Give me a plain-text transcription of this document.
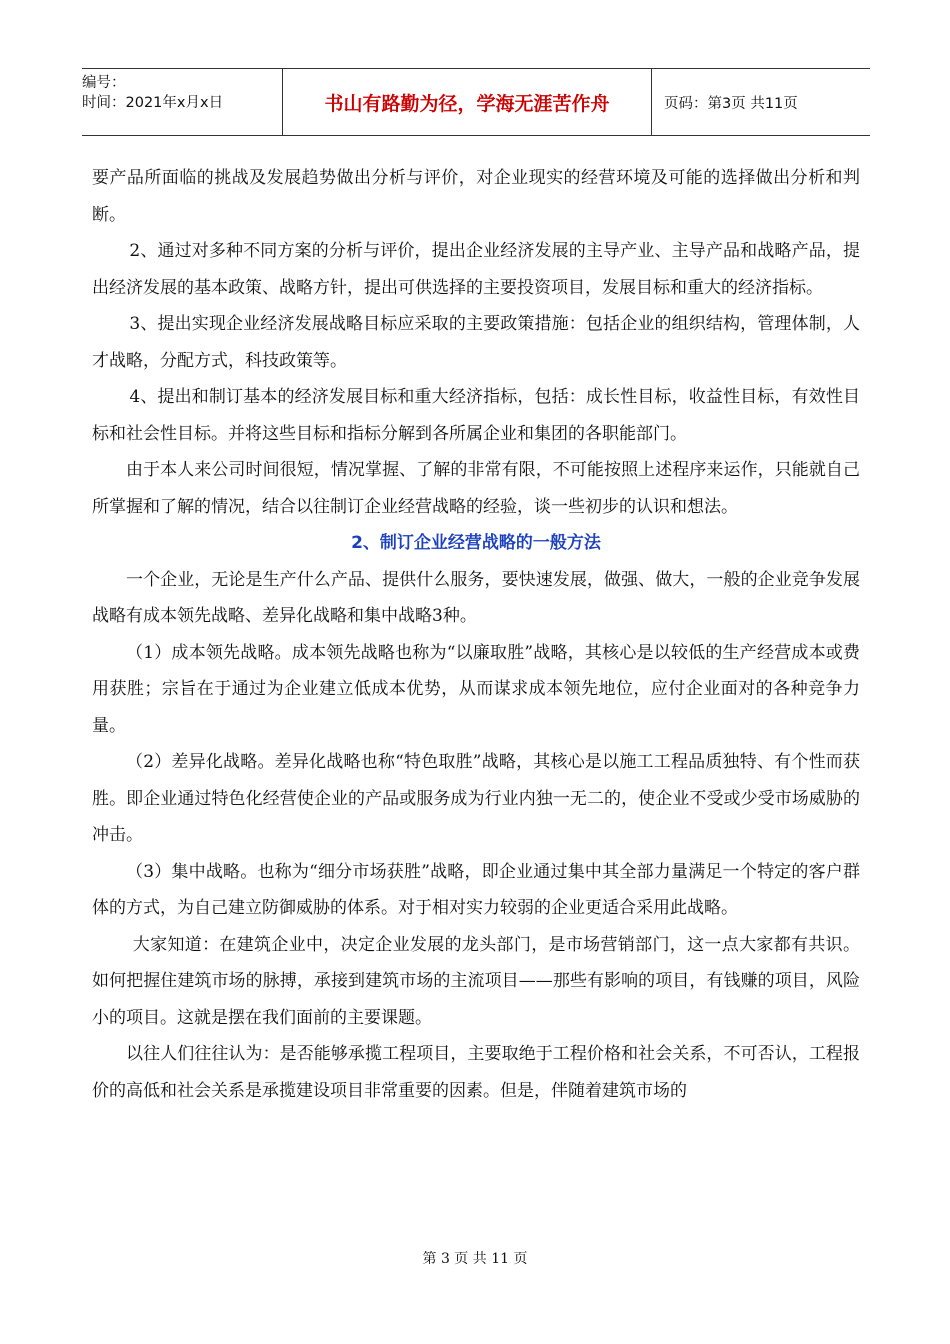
编号：
时间：2021年x月x日	书山有路勤为径，学海无涯苦作舟	页码：第3页 共11页

要产品所面临的挑战及发展趋势做出分析与评价，对企业现实的经营环境及可能的选择做出分析和判断。

2、通过对多种不同方案的分析与评价，提出企业经济发展的主导产业、主导产品和战略产品，提出经济发展的基本政策、战略方针，提出可供选择的主要投资项目，发展目标和重大的经济指标。

3、提出实现企业经济发展战略目标应采取的主要政策措施：包括企业的组织结构，管理体制，人才战略，分配方式，科技政策等。

4、提出和制订基本的经济发展目标和重大经济指标，包括：成长性目标，收益性目标，有效性目标和社会性目标。并将这些目标和指标分解到各所属企业和集团的各职能部门。

由于本人来公司时间很短，情况掌握、了解的非常有限，不可能按照上述程序来运作，只能就自己所掌握和了解的情况，结合以往制订企业经营战略的经验，谈一些初步的认识和想法。

2、制订企业经营战略的一般方法

一个企业，无论是生产什么产品、提供什么服务，要快速发展，做强、做大，一般的企业竞争发展战略有成本领先战略、差异化战略和集中战略3种。

（1）成本领先战略。成本领先战略也称为“以廉取胜”战略，其核心是以较低的生产经营成本或费用获胜；宗旨在于通过为企业建立低成本优势，从而谋求成本领先地位，应付企业面对的各种竞争力量。

（2）差异化战略。差异化战略也称“特色取胜”战略，其核心是以施工工程品质独特、有个性而获胜。即企业通过特色化经营使企业的产品或服务成为行业内独一无二的，使企业不受或少受市场威胁的冲击。

（3）集中战略。也称为“细分市场获胜”战略，即企业通过集中其全部力量满足一个特定的客户群体的方式，为自己建立防御威胁的体系。对于相对实力较弱的企业更适合采用此战略。

大家知道：在建筑企业中，决定企业发展的龙头部门，是市场营销部门，这一点大家都有共识。如何把握住建筑市场的脉搏，承接到建筑市场的主流项目——那些有影响的项目，有钱赚的项目，风险小的项目。这就是摆在我们面前的主要课题。

以往人们往往认为：是否能够承揽工程项目，主要取绝于工程价格和社会关系，不可否认，工程报价的高低和社会关系是承揽建设项目非常重要的因素。但是，伴随着建筑市场的

第 3 页 共 11 页
